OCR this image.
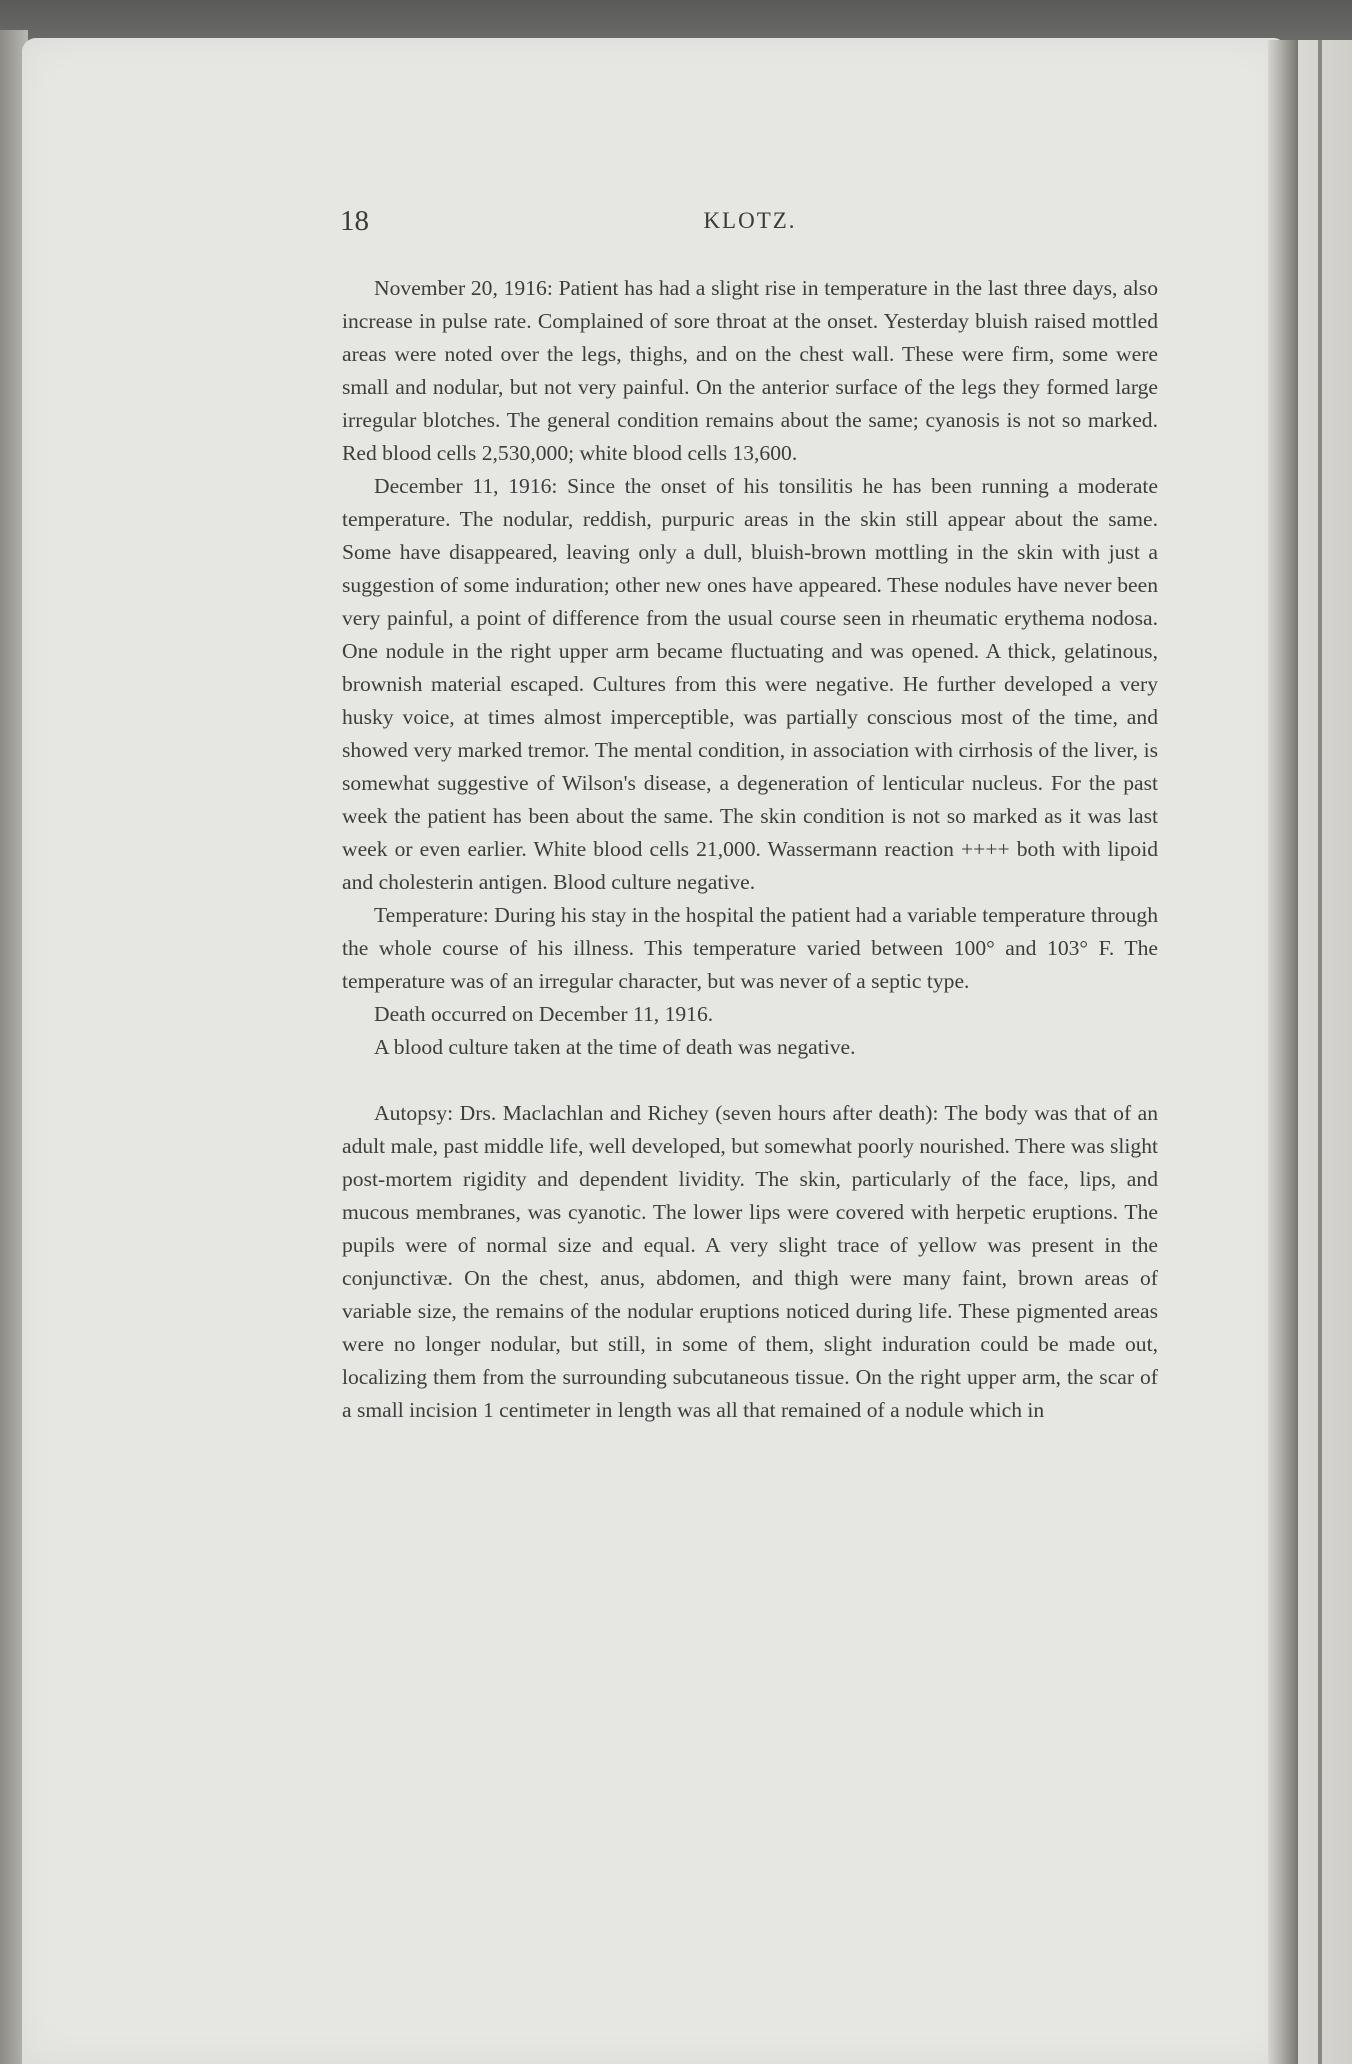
18	KLOTZ.

November 20, 1916: Patient has had a slight rise in temperature in the last three days, also increase in pulse rate. Complained of sore throat at the onset. Yesterday bluish raised mottled areas were noted over the legs, thighs, and on the chest wall. These were firm, some were small and nodular, but not very painful. On the anterior surface of the legs they formed large irregular blotches. The general condition remains about the same; cyanosis is not so marked. Red blood cells 2,530,000; white blood cells 13,600.

December 11, 1916: Since the onset of his tonsilitis he has been running a moderate temperature. The nodular, reddish, purpuric areas in the skin still appear about the same. Some have disappeared, leaving only a dull, bluish-brown mottling in the skin with just a suggestion of some induration; other new ones have appeared. These nodules have never been very painful, a point of difference from the usual course seen in rheumatic erythema nodosa. One nodule in the right upper arm became fluctuating and was opened. A thick, gelatinous, brownish material escaped. Cultures from this were negative. He further developed a very husky voice, at times almost imperceptible, was partially conscious most of the time, and showed very marked tremor. The mental condition, in association with cirrhosis of the liver, is somewhat suggestive of Wilson's disease, a degeneration of lenticular nucleus. For the past week the patient has been about the same. The skin condition is not so marked as it was last week or even earlier. White blood cells 21,000. Wassermann reaction ++++ both with lipoid and cholesterin antigen. Blood culture negative.

Temperature: During his stay in the hospital the patient had a variable temperature through the whole course of his illness. This temperature varied between 100° and 103° F. The temperature was of an irregular character, but was never of a septic type.

Death occurred on December 11, 1916.

A blood culture taken at the time of death was negative.

Autopsy: Drs. Maclachlan and Richey (seven hours after death): The body was that of an adult male, past middle life, well developed, but somewhat poorly nourished. There was slight post-mortem rigidity and dependent lividity. The skin, particularly of the face, lips, and mucous membranes, was cyanotic. The lower lips were covered with herpetic eruptions. The pupils were of normal size and equal. A very slight trace of yellow was present in the conjunctivæ. On the chest, anus, abdomen, and thigh were many faint, brown areas of variable size, the remains of the nodular eruptions noticed during life. These pigmented areas were no longer nodular, but still, in some of them, slight induration could be made out, localizing them from the surrounding subcutaneous tissue. On the right upper arm, the scar of a small incision 1 centimeter in length was all that remained of a nodule which in
